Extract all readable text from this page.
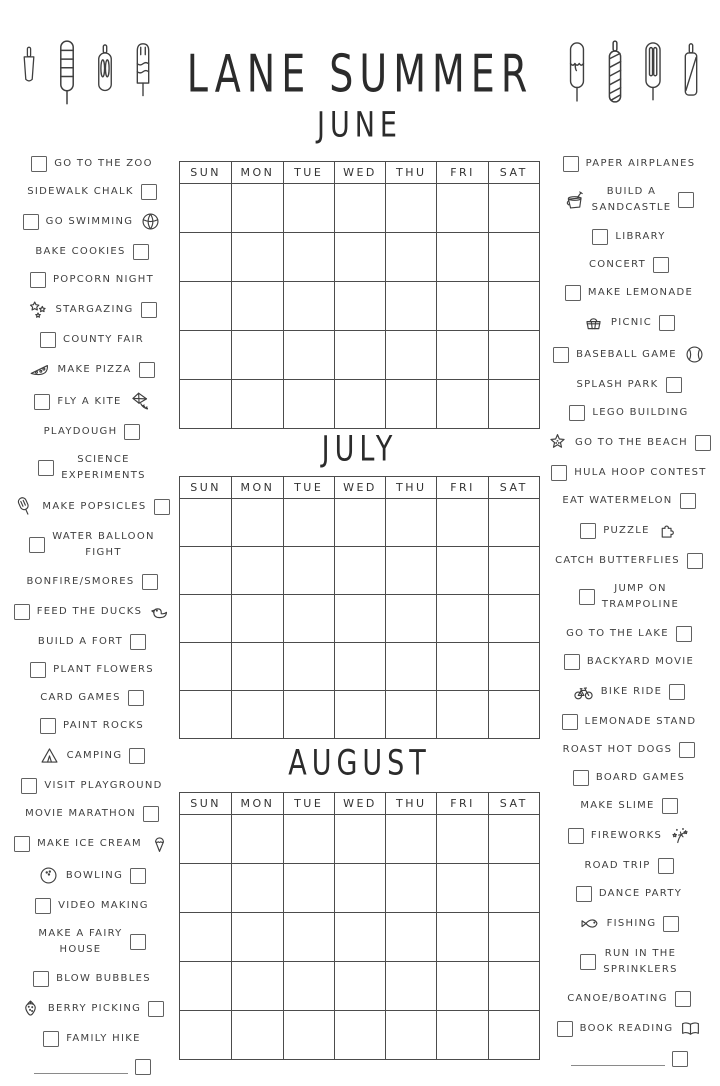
LANE SUMMER
JUNE
SUN	MON	TUE	WED	THU	FRI	SAT
JULY
SUN	MON	TUE	WED	THU	FRI	SAT
AUGUST
SUN	MON	TUE	WED	THU	FRI	SAT
GO TO THE ZOO
SIDEWALK CHALK
GO SWIMMING
BAKE COOKIES
POPCORN NIGHT
STARGAZING
COUNTY FAIR
MAKE PIZZA
FLY A KITE
PLAYDOUGH
SCIENCE
EXPERIMENTS
MAKE POPSICLES
WATER BALLOON
FIGHT
BONFIRE/SMORES
FEED THE DUCKS
BUILD A FORT
PLANT FLOWERS
CARD GAMES
PAINT ROCKS
CAMPING
VISIT PLAYGROUND
MOVIE MARATHON
MAKE ICE CREAM
BOWLING
VIDEO MAKING
MAKE A FAIRY
HOUSE
BLOW BUBBLES
BERRY PICKING
FAMILY HIKE
PAPER AIRPLANES
BUILD A
SANDCASTLE
LIBRARY
CONCERT
MAKE LEMONADE
PICNIC
BASEBALL GAME
SPLASH PARK
LEGO BUILDING
GO TO THE BEACH
HULA HOOP CONTEST
EAT WATERMELON
PUZZLE
CATCH BUTTERFLIES
JUMP ON
TRAMPOLINE
GO TO THE LAKE
BACKYARD MOVIE
BIKE RIDE
LEMONADE STAND
ROAST HOT DOGS
BOARD GAMES
MAKE SLIME
FIREWORKS
ROAD TRIP
DANCE PARTY
FISHING
RUN IN THE
SPRINKLERS
CANOE/BOATING
BOOK READING
